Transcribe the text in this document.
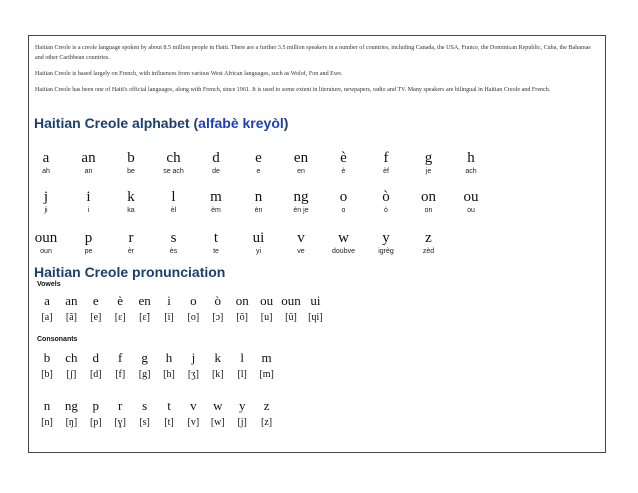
Haitian Creole is a creole language spoken by about 8.5 million people in Haiti. There are a further 3.5 million speakers in a number of countries, including Canada, the USA, France, the Dominican Republic, Cuba, the Bahamas and other Caribbean countries.

Haitian Creole is based largely on French, with influences from various West African languages, such as Wolof, Fon and Ewe.

Haitian Creole has been one of Haiti's official languages, along with French, since 1961. It is used to some extent in literature, newpapers, radio and TV. Many speakers are bilingual in Haitian Creole and French.

Haitian Creole alphabet (alfabè kreyòl)
a
ah
an
an
b
be
ch
se ach
d
de
e
e
en
en
è
è
f
èf
g
je
h
ach
j
ji
i
i
k
ka
l
èl
m
èm
n
èn
ng
èn je
o
o
ò
ò
on
on
ou
ou
oun
oun
p
pe
r
èr
s
ès
t
te
ui
yi
v
ve
w
doubve
y
igrèg
z
zèd
Haitian Creole pronunciation
Vowels
a
[a]
an
[ã]
e
[e]
è
[ɛ]
en
[ɛ̃]
i
[i]
o
[o]
ò
[ɔ]
on
[õ]
ou
[u]
oun
[ũ]
ui
[ɥi]
Consonants
b
[b]
ch
[ʃ]
d
[d]
f
[f]
g
[g]
h
[h]
j
[ʒ]
k
[k]
l
[l]
m
[m]
n
[n]
ng
[ŋ]
p
[p]
r
[ɣ]
s
[s]
t
[t]
v
[v]
w
[w]
y
[j]
z
[z]
